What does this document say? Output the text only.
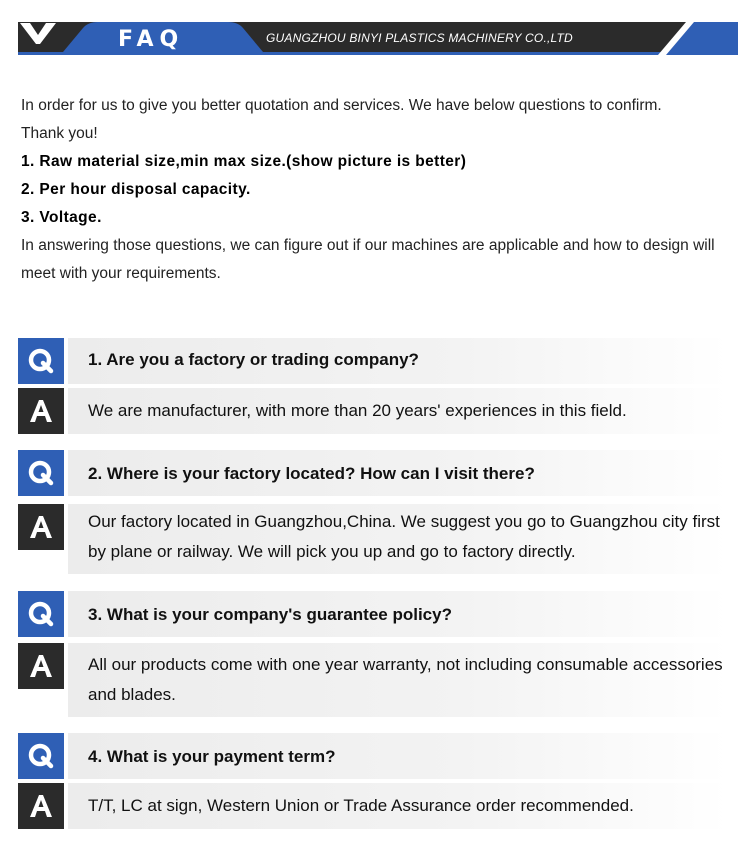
FAQ	GUANGZHOU BINYI PLASTICS MACHINERY CO.,LTD

In order for us to give you better quotation and services. We have below questions to confirm.

Thank you!

1. Raw material size,min max size.(show picture is better)

2. Per hour disposal capacity.

3. Voltage.

In answering those questions, we can figure out if our machines are applicable and how to design will meet with your requirements.

1. Are you a factory or trading company?
We are manufacturer, with more than 20 years' experiences in this field.
2. Where is your factory located? How can I visit there?
Our factory located in Guangzhou,China. We suggest you go to Guangzhou city first by plane or railway. We will pick you up and go to factory directly.
3. What is your company's guarantee policy?
All our products come with one year warranty, not including consumable accessories and blades.
4. What is your payment term?
T/T, LC at sign, Western Union or Trade Assurance order recommended.
